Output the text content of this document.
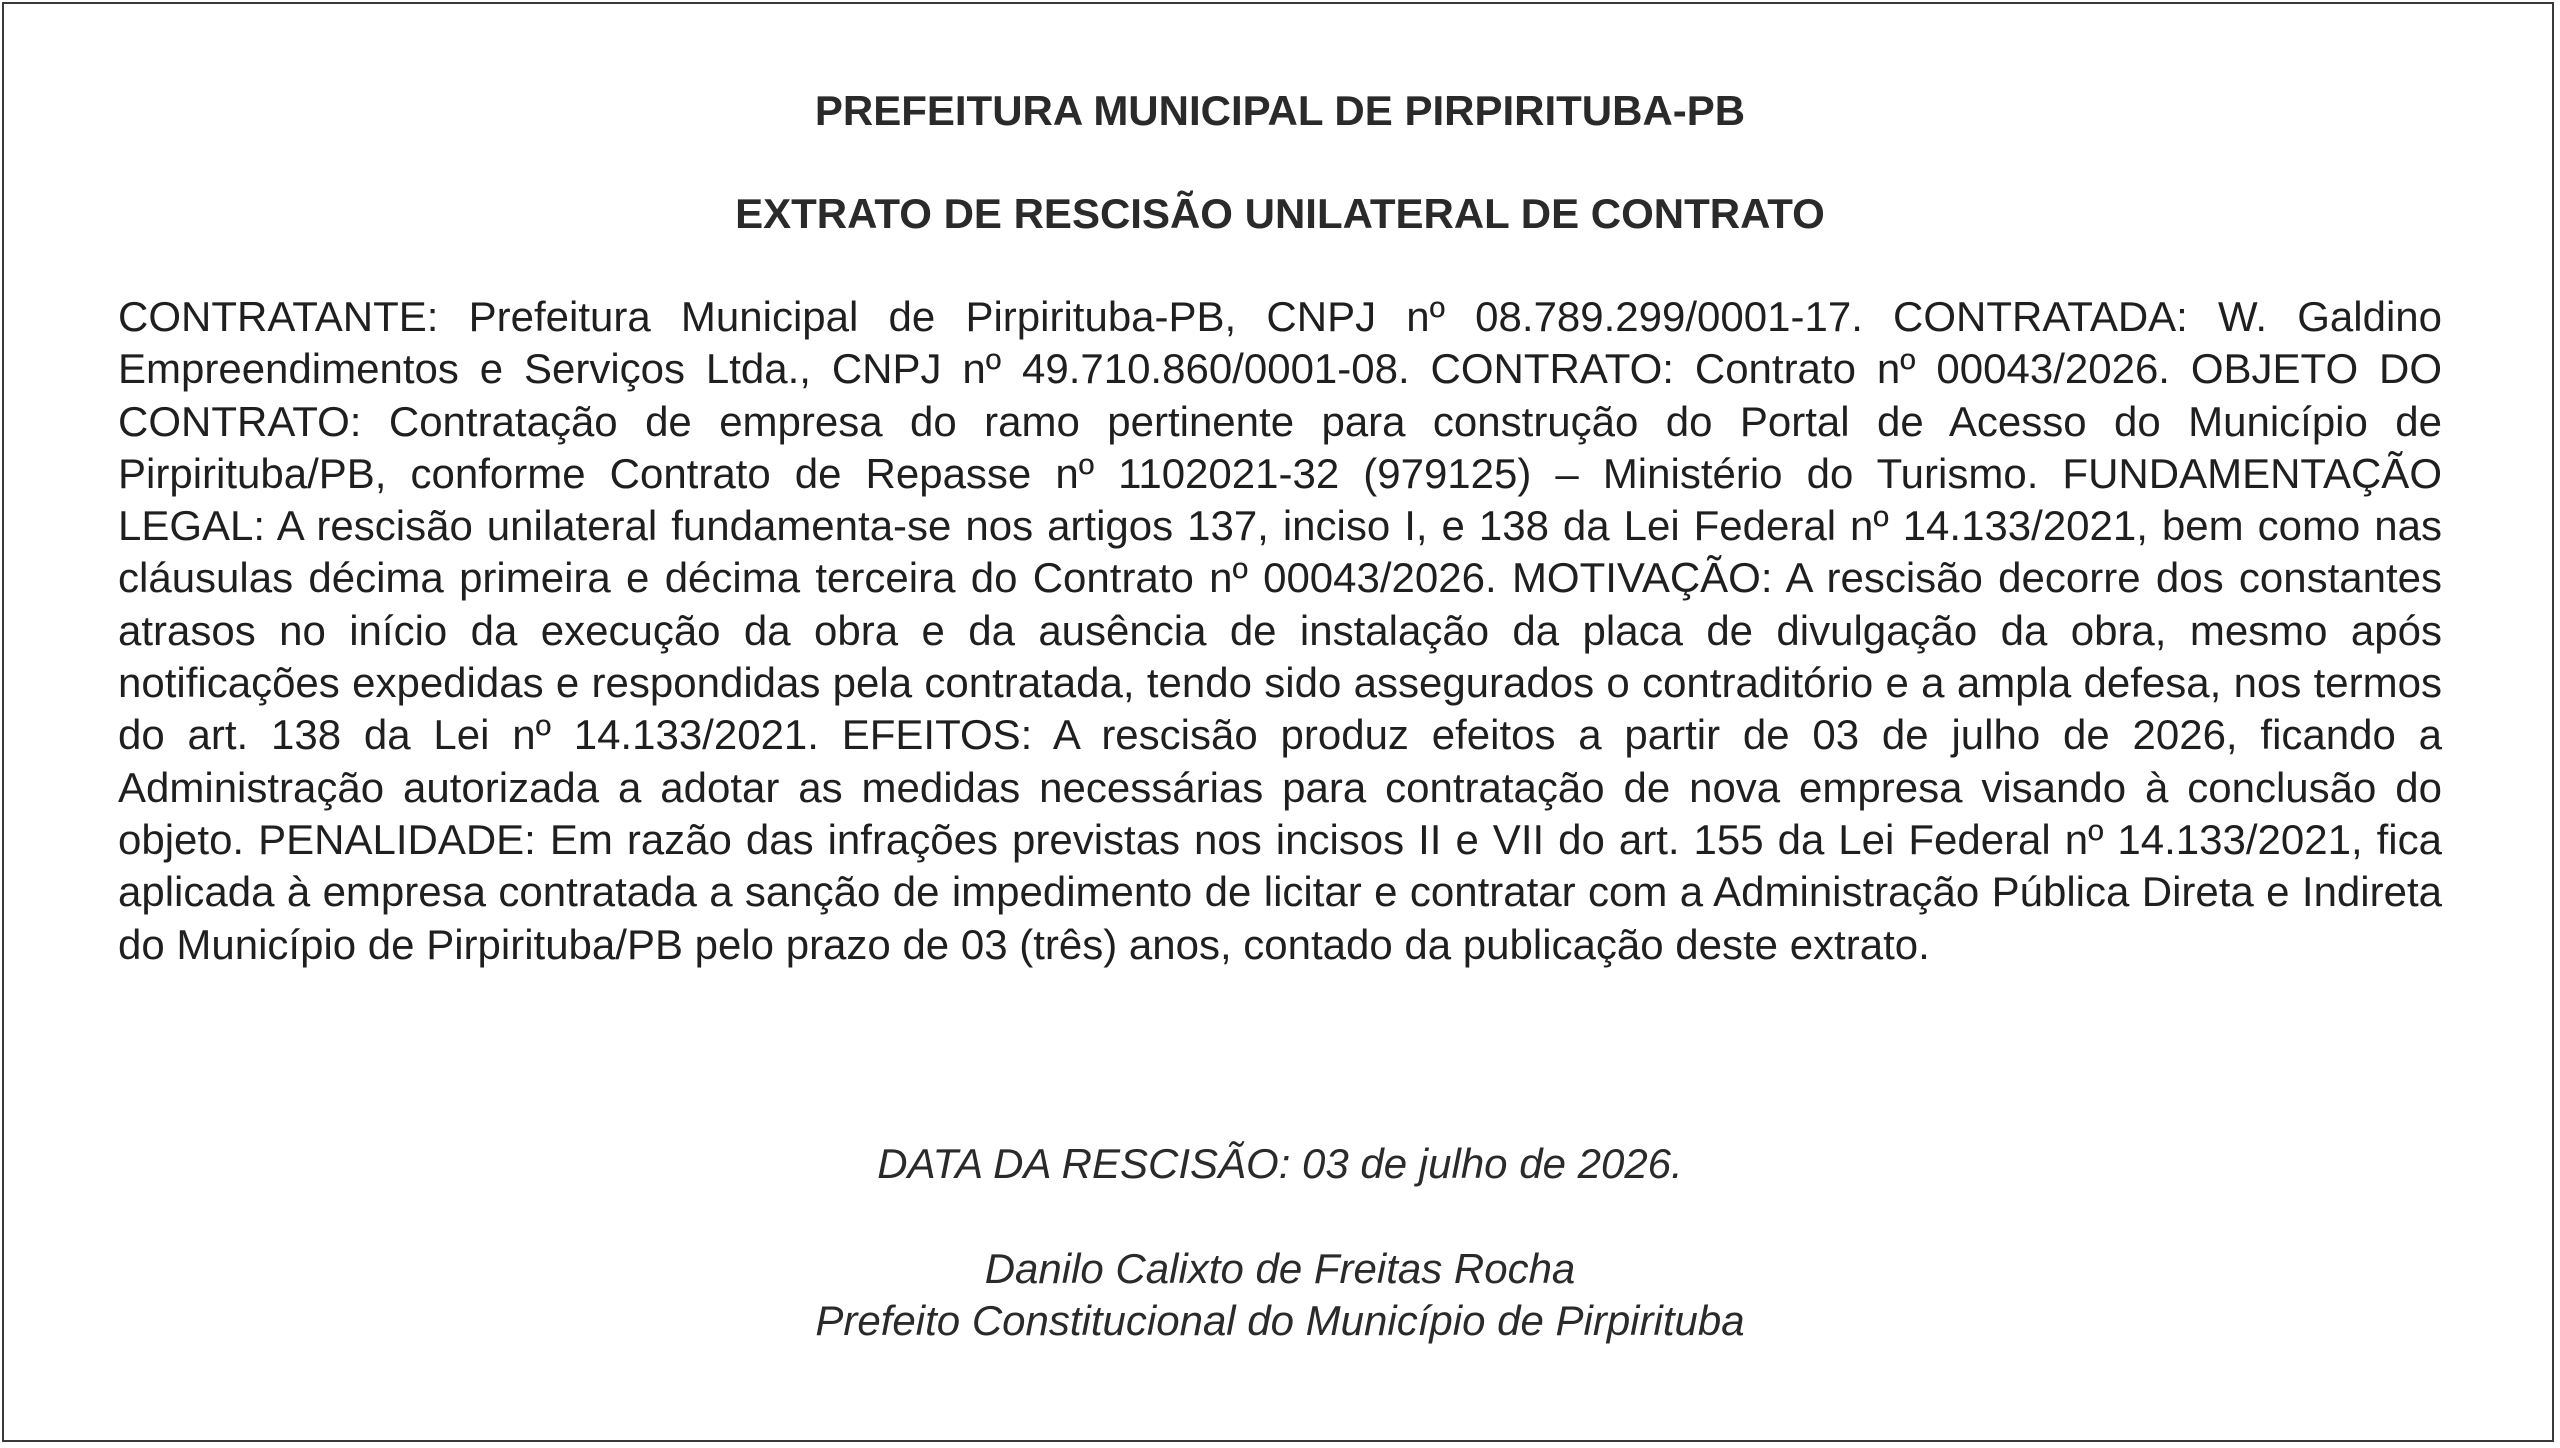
PREFEITURA MUNICIPAL DE PIRPIRITUBA-PB
EXTRATO DE RESCISÃO UNILATERAL DE CONTRATO

CONTRATANTE: Prefeitura Municipal de Pirpirituba-PB, CNPJ nº 08.789.299/0001-17. CONTRATADA: W. Galdino Empreendimentos e Serviços Ltda., CNPJ nº 49.710.860/0001-08. CONTRATO: Contrato nº 00043/2026. OBJETO DO CONTRATO: Contratação de empresa do ramo pertinente para construção do Portal de Acesso do Município de Pirpirituba/PB, conforme Contrato de Repasse nº 1102021-32 (979125) – Ministério do Turismo. FUNDAMENTAÇÃO LEGAL: A rescisão unilateral fundamenta-se nos artigos 137, inciso I, e 138 da Lei Federal nº 14.133/2021, bem como nas cláusulas décima primeira e décima terceira do Contrato nº 00043/2026. MOTIVAÇÃO: A rescisão decorre dos constantes atrasos no início da execução da obra e da ausência de instalação da placa de divulgação da obra, mesmo após notificações expedidas e respondidas pela contratada, tendo sido assegurados o contraditório e a ampla defesa, nos termos do art. 138 da Lei nº 14.133/2021. EFEITOS: A rescisão produz efeitos a partir de 03 de julho de 2026, ficando a Administração autorizada a adotar as medidas necessárias para contratação de nova empresa visando à conclusão do objeto. PENALIDADE: Em razão das infrações previstas nos incisos II e VII do art. 155 da Lei Federal nº 14.133/2021, fica aplicada à empresa contratada a sanção de impedimento de licitar e contratar com a Administração Pública Direta e Indireta do Município de Pirpirituba/PB pelo prazo de 03 (três) anos, contado da publicação deste extrato.

DATA DA RESCISÃO: 03 de julho de 2026.
Danilo Calixto de Freitas Rocha
Prefeito Constitucional do Município de Pirpirituba
